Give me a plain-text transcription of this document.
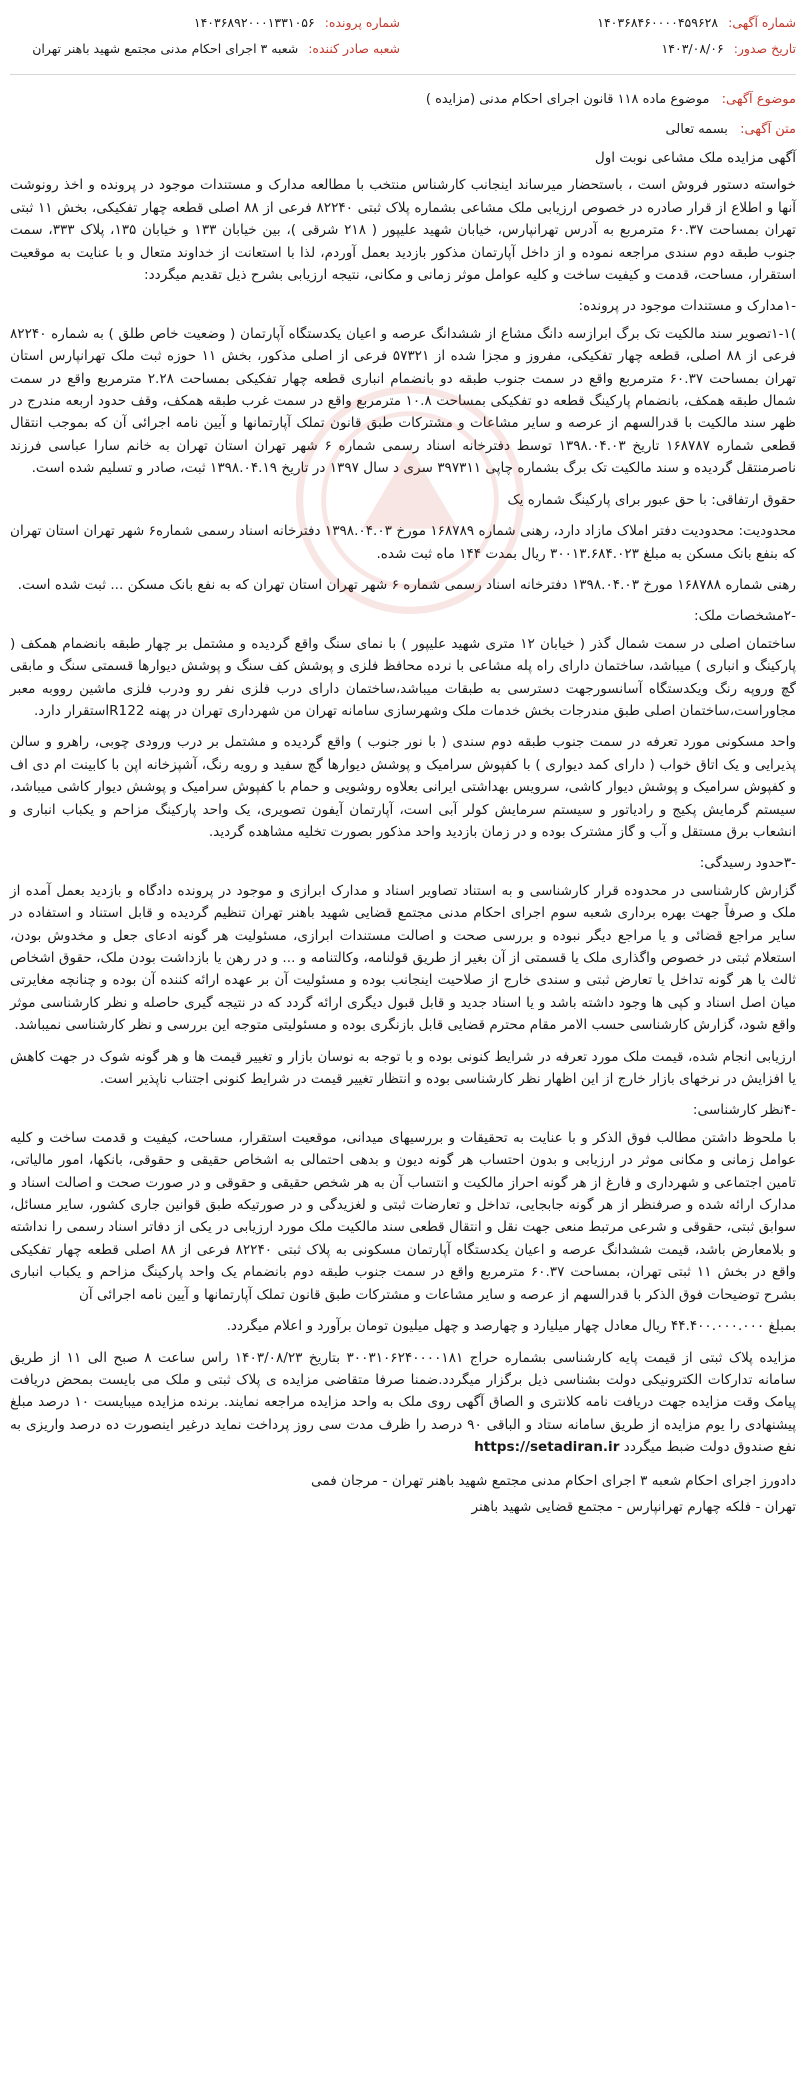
شماره آگهی:
۱۴۰۳۶۸۴۶۰۰۰۰۴۵۹۶۲۸
شماره پرونده:
۱۴۰۳۶۸۹۲۰۰۰۱۳۳۱۰۵۶
تاریخ صدور:
۱۴۰۳/۰۸/۰۶
شعبه صادر کننده:
شعبه ۳ اجرای احکام مدنی مجتمع شهید باهنر تهران
موضوع آگهی: موضوع ماده ۱۱۸ قانون اجرای احکام مدنی (مزایده )
متن آگهی: بسمه تعالی

آگهی مزایده ملک مشاعی نوبت اول

خواسته دستور فروش است ، باستحضار میرساند اینجانب کارشناس منتخب با مطالعه مدارک و مستندات موجود در پرونده و اخذ رونوشت آنها و اطلاع از قرار صادره در خصوص ارزیابی ملک مشاعی بشماره پلاک ثبتی ۸۲۲۴۰ فرعی از ۸۸ اصلی قطعه چهار تفکیکی، بخش ۱۱ ثبتی تهران بمساحت ۶۰.۳۷ مترمربع به آدرس تهرانپارس، خیابان شهید علیپور ( ۲۱۸ شرقی )، بین خیابان ۱۳۳ و خیابان ۱۳۵، پلاک ۳۳۳، سمت جنوب طبقه دوم سندی مراجعه نموده و از داخل آپارتمان مذکور بازدید بعمل آوردم، لذا با استعانت از خداوند متعال و با عنایت به موقعیت استقرار، مساحت، قدمت و کیفیت ساخت و کلیه عوامل موثر زمانی و مکانی، نتیجه ارزیابی بشرح ذیل تقدیم میگردد:

-۱مدارک و مستندات موجود در پرونده:

)۱-۱تصویر سند مالکیت تک برگ ابرازسه دانگ مشاع از ششدانگ عرصه و اعیان یکدستگاه آپارتمان ( وضعیت خاص طلق ) به شماره ۸۲۲۴۰ فرعی از ۸۸ اصلی، قطعه چهار تفکیکی، مفروز و مجزا شده از ۵۷۳۲۱ فرعی از اصلی مذکور، بخش ۱۱ حوزه ثبت ملک تهرانپارس استان تهران بمساحت ۶۰.۳۷ مترمربع واقع در سمت جنوب طبقه دو بانضمام انباری قطعه چهار تفکیکی بمساحت ۲.۲۸ مترمربع واقع در سمت شمال طبقه همکف، بانضمام پارکینگ قطعه دو تفکیکی بمساحت ۱۰.۸ مترمربع واقع در سمت غرب طبقه همکف، وقف حدود اربعه مندرج در ظهر سند مالکیت با قدرالسهم از عرصه و سایر مشاعات و مشترکات طبق قانون تملک آپارتمانها و آیین نامه اجرائی آن که بموجب انتقال قطعی شماره ۱۶۸۷۸۷ تاریخ ۱۳۹۸.۰۴.۰۳ توسط دفترخانه اسناد رسمی شماره ۶ شهر تهران استان تهران به خانم سارا عباسی فرزند ناصرمنتقل گردیده و سند مالکیت تک برگ بشماره چاپی ۳۹۷۳۱۱ سری د سال ۱۳۹۷ در تاریخ ۱۳۹۸.۰۴.۱۹ ثبت، صادر و تسلیم شده است.

حقوق ارتفاقی: با حق عبور برای پارکینگ شماره یک

محدودیت: محدودیت دفتر املاک مازاد دارد، رهنی شماره ۱۶۸۷۸۹ مورخ ۱۳۹۸.۰۴.۰۳ دفترخانه اسناد رسمی شماره۶ شهر تهران استان تهران که بنفع بانک مسکن به مبلغ ۳۰۰۱۳.۶۸۴.۰۲۳ ریال بمدت ۱۴۴ ماه ثبت شده.

رهنی شماره ۱۶۸۷۸۸ مورخ ۱۳۹۸.۰۴.۰۳ دفترخانه اسناد رسمی شماره ۶ شهر تهران استان تهران که به نفع بانک مسکن ... ثبت شده است.

-۲مشخصات ملک:

ساختمان اصلی در سمت شمال گذر ( خیابان ۱۲ متری شهید علیپور ) با نمای سنگ واقع گردیده و مشتمل بر چهار طبقه بانضمام همکف ( پارکینگ و انباری ) میباشد، ساختمان دارای راه پله مشاعی با نرده محافظ فلزی و پوشش کف سنگ و پوشش دیوارها قسمتی سنگ و مابقی گچ وروپه رنگ ویکدستگاه آسانسورجهت دسترسی به طبقات میباشد،ساختمان دارای درب فلزی نفر رو ودرب فلزی ماشین رووبه معبر مجاوراست،ساختمان اصلی طبق مندرجات بخش خدمات ملک وشهرسازی سامانه تهران من شهرداری تهران در پهنه R122استقرار دارد.

واحد مسکونی مورد تعرفه در سمت جنوب طبقه دوم سندی ( با نور جنوب ) واقع گردیده و مشتمل بر درب ورودی چوبی، راهرو و سالن پذیرایی و یک اتاق خواب ( دارای کمد دیواری ) با کفپوش سرامیک و پوشش دیوارها گچ سفید و رویه رنگ، آشپزخانه اپن با کابینت ام دی اف و کفپوش سرامیک و پوشش دیوار کاشی، سرویس بهداشتی ایرانی بعلاوه روشویی و حمام با کفپوش سرامیک و پوشش دیوار کاشی میباشد، سیستم گرمایش پکیج و رادیاتور و سیستم سرمایش کولر آبی است، آپارتمان آیفون تصویری، یک واحد پارکینگ مزاحم و یکباب انباری و انشعاب برق مستقل و آب و گاز مشترک بوده و در زمان بازدید واحد مذکور بصورت تخلیه مشاهده گردید.

-۳حدود رسیدگی:

گزارش کارشناسی در محدوده قرار کارشناسی و به استناد تصاویر اسناد و مدارک ابرازی و موجود در پرونده دادگاه و بازدید بعمل آمده از ملک و صرفاً جهت بهره برداری شعبه سوم اجرای احکام مدنی مجتمع قضایی شهید باهنر تهران تنظیم گردیده و قابل استناد و استفاده در سایر مراجع قضائی و یا مراجع دیگر نبوده و بررسی صحت و اصالت مستندات ابرازی، مسئولیت هر گونه ادعای جعل و مخدوش بودن، استعلام ثبتی در خصوص واگذاری ملک یا قسمتی از آن بغیر از طریق قولنامه، وکالتنامه و ... و در رهن یا بازداشت بودن ملک، حقوق اشخاص ثالث یا هر گونه تداخل یا تعارض ثبتی و سندی خارج از صلاحیت اینجانب بوده و مسئولیت آن بر عهده ارائه کننده آن بوده و چنانچه مغایرتی میان اصل اسناد و کپی ها وجود داشته باشد و یا اسناد جدید و قابل قبول دیگری ارائه گردد که در نتیجه گیری حاصله و نظر کارشناسی موثر واقع شود، گزارش کارشناسی حسب الامر مقام محترم قضایی قابل بازنگری بوده و مسئولیتی متوجه این بررسی و نظر کارشناسی نمیباشد.

ارزیابی انجام شده، قیمت ملک مورد تعرفه در شرایط کنونی بوده و با توجه به نوسان بازار و تغییر قیمت ها و هر گونه شوک در جهت کاهش یا افزایش در نرخهای بازار خارج از این اظهار نظر کارشناسی بوده و انتظار تغییر قیمت در شرایط کنونی اجتناب ناپذیر است.

-۴نظر کارشناسی:

با ملحوظ داشتن مطالب فوق الذکر و با عنایت به تحقیقات و بررسیهای میدانی، موقعیت استقرار، مساحت، کیفیت و قدمت ساخت و کلیه عوامل زمانی و مکانی موثر در ارزیابی و بدون احتساب هر گونه دیون و بدهی احتمالی به اشخاص حقیقی و حقوقی، بانکها، امور مالیاتی، تامین اجتماعی و شهرداری و فارغ از هر گونه احراز مالکیت و انتساب آن به هر شخص حقیقی و حقوقی و در صورت صحت و اصالت اسناد و مدارک ارائه شده و صرفنظر از هر گونه جابجایی، تداخل و تعارضات ثبتی و لغزیدگی و در صورتیکه طبق قوانین جاری کشور، سایر مسائل، سوابق ثبتی، حقوقی و شرعی مرتبط منعی جهت نقل و انتقال قطعی سند مالکیت ملک مورد ارزیابی در یکی از دفاتر اسناد رسمی را نداشته و بلامعارض باشد، قیمت ششدانگ عرصه و اعیان یکدستگاه آپارتمان مسکونی به پلاک ثبتی ۸۲۲۴۰ فرعی از ۸۸ اصلی قطعه چهار تفکیکی واقع در بخش ۱۱ ثبتی تهران، بمساحت ۶۰.۳۷ مترمربع واقع در سمت جنوب طبقه دوم بانضمام یک واحد پارکینگ مزاحم و یکباب انباری بشرح توضیحات فوق الذکر با قدرالسهم از عرصه و سایر مشاعات و مشترکات طبق قانون تملک آپارتمانها و آیین نامه اجرائی آن

بمبلغ ۴۴.۴۰۰.۰۰۰.۰۰۰ ریال معادل چهار میلیارد و چهارصد و چهل میلیون تومان برآورد و اعلام میگردد.

مزایده پلاک ثبتی از قیمت پایه کارشناسی بشماره حراج ۳۰۰۳۱۰۶۲۴۰۰۰۰۱۸۱ بتاریخ ۱۴۰۳/۰۸/۲۳ راس ساعت ۸ صبح الی ۱۱ از طریق سامانه تدارکات الکترونیکی دولت بشناسی ذیل برگزار میگردد.ضمنا صرفا متقاضی مزایده ی پلاک ثبتی و ملک می بایست بمحض دریافت پیامک وقت مزایده جهت دریافت نامه کلانتری و الصاق آگهی روی ملک به واحد مزایده مراجعه نمایند. برنده مزایده میبایست ۱۰ درصد مبلغ پیشنهادی را یوم مزایده از طریق سامانه ستاد و الباقی ۹۰ درصد را ظرف مدت سی روز پرداخت نماید درغیر اینصورت ده درصد واریزی به نفع صندوق دولت ضبط میگردد https://setadiran.ir

دادورز اجرای احکام شعبه ۳ اجرای احکام مدنی مجتمع شهید باهنر تهران - مرجان فمی
تهران - فلکه چهارم تهرانپارس - مجتمع قضایی شهید باهنر
